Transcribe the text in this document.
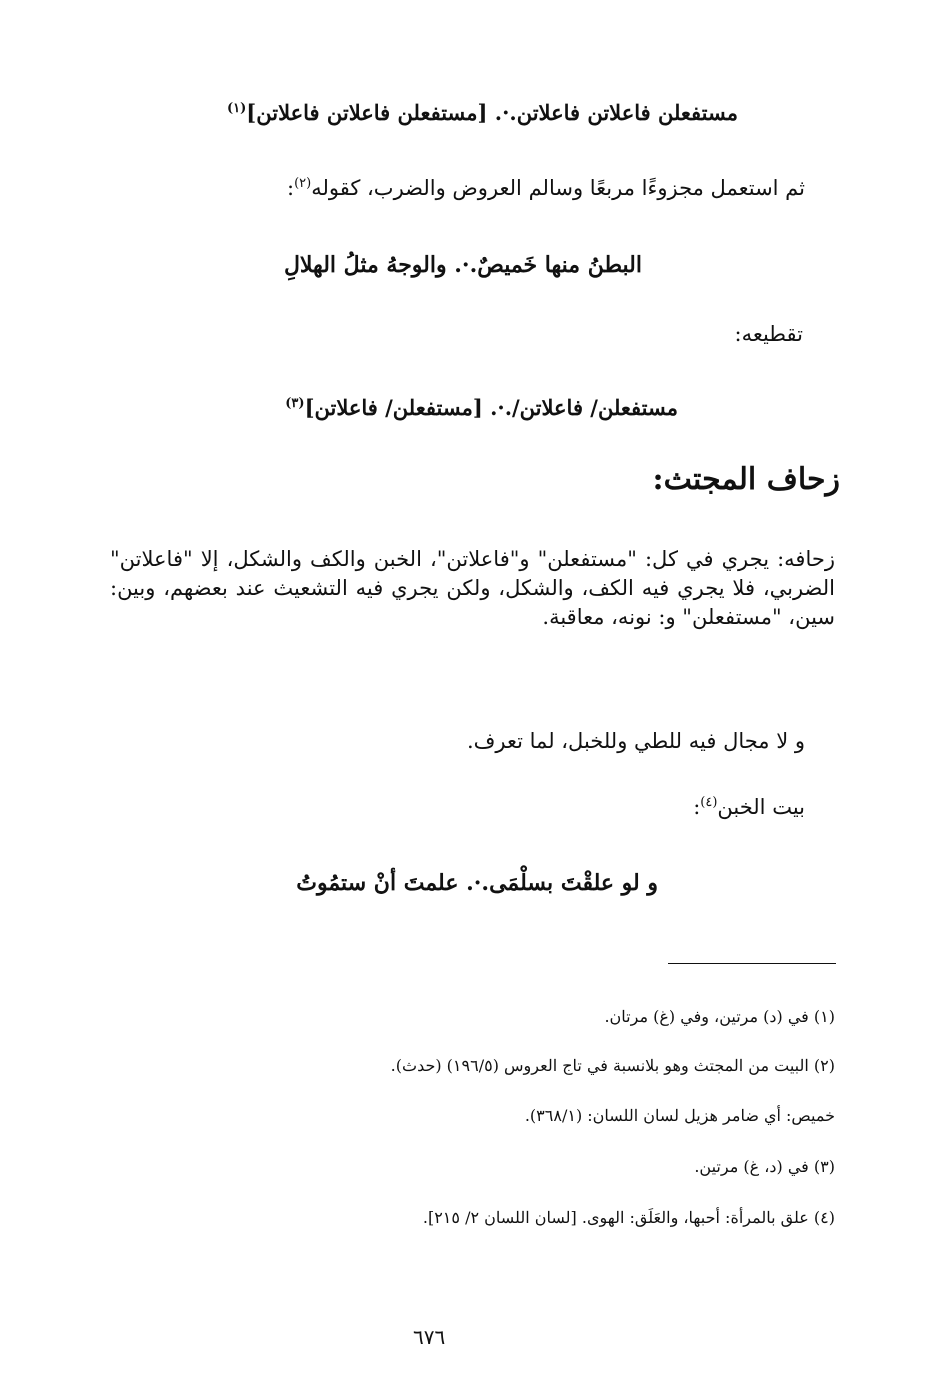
مستفعلن فاعلاتن فاعلاتن.·. [مستفعلن فاعلاتن فاعلاتن]$^{(١)}$
ثم استعمل مجزوءًا مربعًا وسالم العروض والضرب، كقوله$^{(٢)}$:
البطنُ منها خَميصٌ.·. والوجهُ مثلُ الهلالِ
تقطيعه:
مستفعلن/ فاعلاتن/.·. [مستفعلن/ فاعلاتن]$^{(٣)}$
زحاف المجتث:
زحافه: يجري في كل: "مستفعلن" و"فاعلاتن"، الخبن والكف والشكل، إلا "فاعلاتن" الضربي، فلا يجري فيه الكف، والشكل، ولكن يجري فيه التشعيث عند بعضهم، وبين: سين، "مستفعلن" و: نونه، معاقبة.
و لا مجال فيه للطي وللخبل، لما تعرف.
بيت الخبن$^{(٤)}$:
و لو علقْتَ بسلْمَى.·. علمتَ أنْ ستمُوتُ
(١) في (د) مرتين، وفي (غ) مرتان.
(٢) البيت من المجتث وهو بلانسبة في تاج العروس (١٩٦/٥) (حدث).
خميص: أي ضامر هزيل لسان اللسان: (٣٦٨/١).
(٣) في (د، غ) مرتين.
(٤) علق بالمرأة: أحبها، والعَلَق: الهوى. [لسان اللسان ٢/ ٢١٥].
٦٧٦
